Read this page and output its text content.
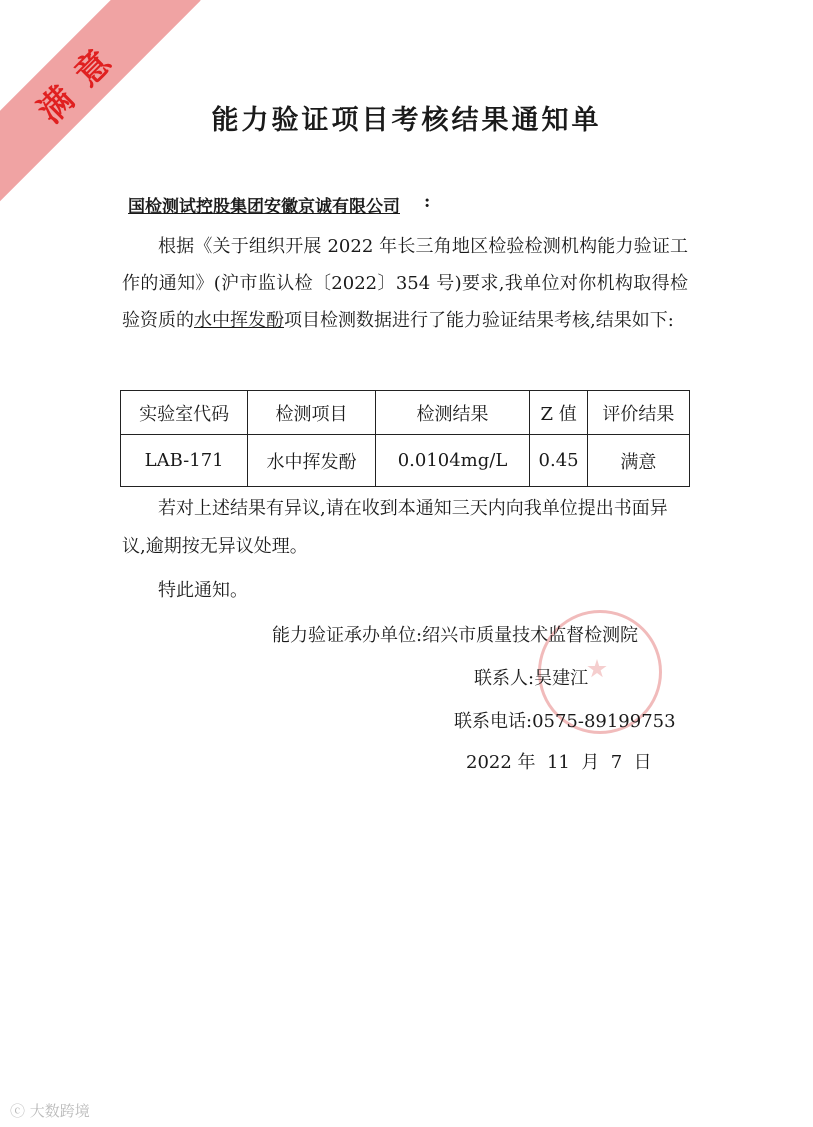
满意	能力验证项目考核结果通知单
国检测试控股集团安徽京诚有限公司 :

根据《关于组织开展 2022 年长三角地区检验检测机构能力验证工作的通知》(沪市监认检〔2022〕354 号)要求,我单位对你机构取得检验资质的水中挥发酚项目检测数据进行了能力验证结果考核,结果如下:

实验室代码	检测项目	检测结果	Z 值	评价结果
LAB-171	水中挥发酚	0.0104mg/L	0.45	满意

若对上述结果有异议,请在收到本通知三天内向我单位提出书面异议,逾期按无异议处理。

特此通知。
能力验证承办单位:绍兴市质量技术监督检测院
联系人:吴建江
联系电话:0575-89199753
2022 年  11  月  7  日
ⓒ 大数跨境
